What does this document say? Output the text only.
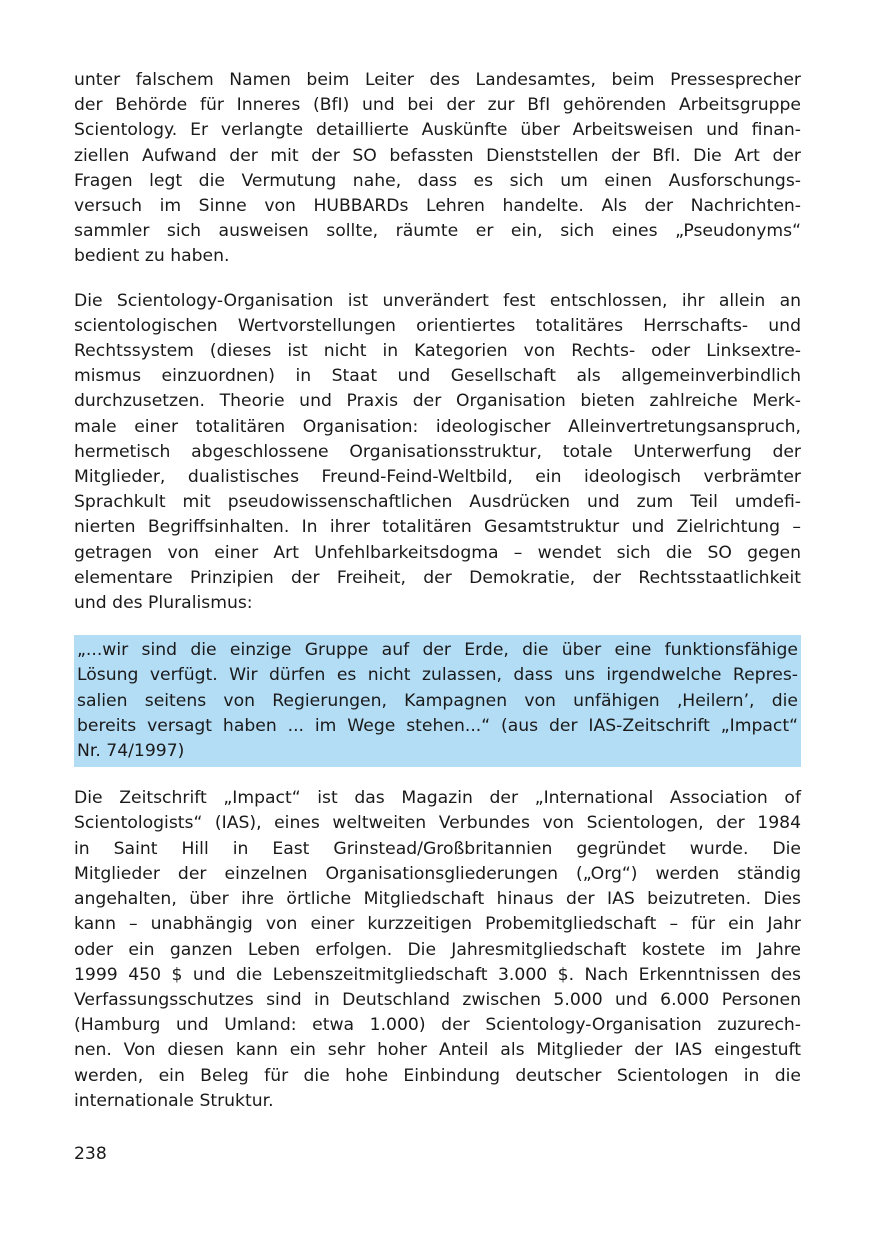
unter falschem Namen beim Leiter des Landesamtes, beim Pressesprecher
der Behörde für Inneres (BfI) und bei der zur BfI gehörenden Arbeitsgruppe
Scientology. Er verlangte detaillierte Auskünfte über Arbeitsweisen und finan-
ziellen Aufwand der mit der SO befassten Dienststellen der BfI. Die Art der
Fragen legt die Vermutung nahe, dass es sich um einen Ausforschungs-
versuch im Sinne von HUBBARDs Lehren handelte. Als der Nachrichten-
sammler sich ausweisen sollte, räumte er ein, sich eines „Pseudonyms“
bedient zu haben.

Die Scientology-Organisation ist unverändert fest entschlossen, ihr allein an
scientologischen Wertvorstellungen orientiertes totalitäres Herrschafts- und
Rechtssystem (dieses ist nicht in Kategorien von Rechts- oder Linksextre-
mismus einzuordnen) in Staat und Gesellschaft als allgemeinverbindlich
durchzusetzen. Theorie und Praxis der Organisation bieten zahlreiche Merk-
male einer totalitären Organisation: ideologischer Alleinvertretungsanspruch,
hermetisch abgeschlossene Organisationsstruktur, totale Unterwerfung der
Mitglieder, dualistisches Freund-Feind-Weltbild, ein ideologisch verbrämter
Sprachkult mit pseudowissenschaftlichen Ausdrücken und zum Teil umdefi-
nierten Begriffsinhalten. In ihrer totalitären Gesamtstruktur und Zielrichtung –
getragen von einer Art Unfehlbarkeitsdogma – wendet sich die SO gegen
elementare Prinzipien der Freiheit, der Demokratie, der Rechtsstaatlichkeit
und des Pluralismus:

„...wir sind die einzige Gruppe auf der Erde, die über eine funktionsfähige
Lösung verfügt. Wir dürfen es nicht zulassen, dass uns irgendwelche Repres-
salien seitens von Regierungen, Kampagnen von unfähigen ‚Heilern’, die
bereits versagt haben ... im Wege stehen...“ (aus der IAS-Zeitschrift „Impact“
Nr. 74/1997)

Die Zeitschrift „Impact“ ist das Magazin der „International Association of
Scientologists“ (IAS), eines weltweiten Verbundes von Scientologen, der 1984
in Saint Hill in East Grinstead/Großbritannien gegründet wurde. Die
Mitglieder der einzelnen Organisationsgliederungen („Org“) werden ständig
angehalten, über ihre örtliche Mitgliedschaft hinaus der IAS beizutreten. Dies
kann – unabhängig von einer kurzzeitigen Probemitgliedschaft – für ein Jahr
oder ein ganzen Leben erfolgen. Die Jahresmitgliedschaft kostete im Jahre
1999 450 $ und die Lebenszeitmitgliedschaft 3.000 $. Nach Erkenntnissen des
Verfassungsschutzes sind in Deutschland zwischen 5.000 und 6.000 Personen
(Hamburg und Umland: etwa 1.000) der Scientology-Organisation zuzurech-
nen. Von diesen kann ein sehr hoher Anteil als Mitglieder der IAS eingestuft
werden, ein Beleg für die hohe Einbindung deutscher Scientologen in die
internationale Struktur.

238
